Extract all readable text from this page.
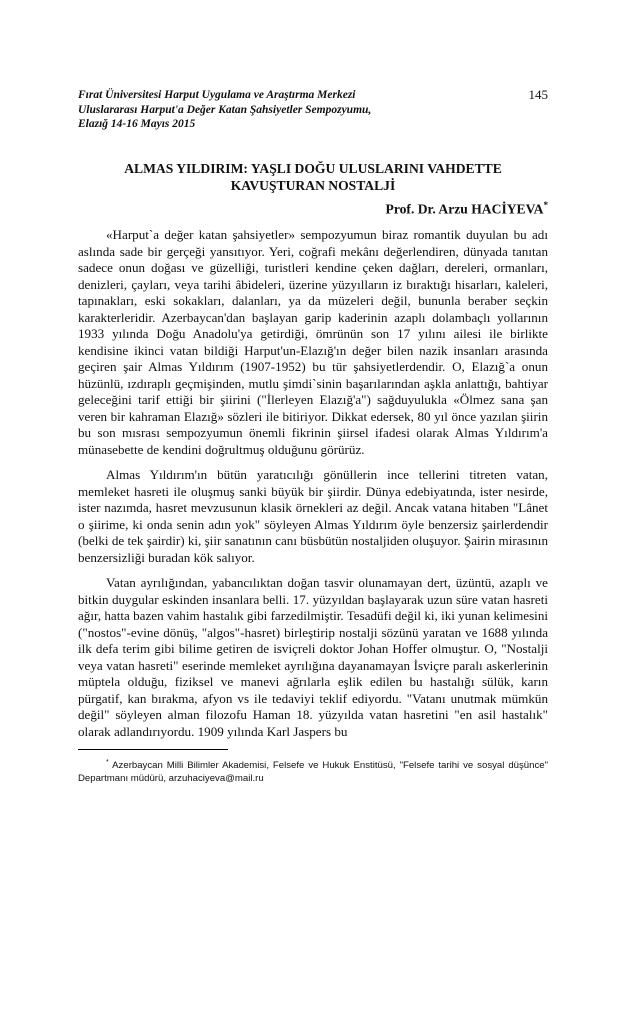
Fırat Üniversitesi Harput Uygulama ve Araştırma Merkezi
Uluslararası Harput'a Değer Katan Şahsiyetler Sempozyumu,
Elazığ 14-16 Mayıs 2015
145
ALMAS YILDIRIM: YAŞLI DOĞU ULUSLARINI VAHDETTE
KAVUŞTURAN NOSTALJİ
Prof. Dr. Arzu HACİYEVA*

«Harput`a değer katan şahsiyetler» sempozyumun biraz romantik duyulan bu adı aslında sade bir gerçeği yansıtıyor. Yeri, coğrafi mekânı değerlendiren, dünyada tanıtan sadece onun doğası ve güzelliği, turistleri kendine çeken dağları, dereleri, ormanları, denizleri, çayları, veya tarihi âbideleri, üzerine yüzyılların iz bıraktığı hisarları, kaleleri, tapınakları, eski sokakları, dalanları, ya da müzeleri değil, bununla beraber seçkin karakterleridir. Azerbaycan'dan başlayan garip kaderinin azaplı dolambaçlı yollarının 1933 yılında Doğu Anadolu'ya getirdiği, ömrünün son 17 yılını ailesi ile birlikte kendisine ikinci vatan bildiği Harput'un-Elazığ'ın değer bilen nazik insanları arasında geçiren şair Almas Yıldırım (1907-1952) bu tür şahsiyetlerdendir. O, Elazığ`a onun hüzünlü, ızdıraplı geçmişinden, mutlu şimdi`sinin başarılarından aşkla anlattığı, bahtiyar geleceğini tarif ettiği bir şiirini ("İlerleyen Elazığ'a") sağduyulukla «Ölmez sana şan veren bir kahraman Elazığ» sözleri ile bitiriyor. Dikkat edersek, 80 yıl önce yazılan şiirin bu son mısrası sempozyumun önemli fikrinin şiirsel ifadesi olarak Almas Yıldırım'a münasebette de kendini doğrultmuş olduğunu görürüz.

Almas Yıldırım'ın bütün yaratıcılığı gönüllerin ince tellerini titreten vatan, memleket hasreti ile oluşmuş sanki büyük bir şiirdir. Dünya edebiyatında, ister nesirde, ister nazımda, hasret mevzusunun klasik örnekleri az değil. Ancak vatana hitaben "Lânet o şiirime, ki onda senin adın yok" söyleyen Almas Yıldırım öyle benzersiz şairlerdendir (belki de tek şairdir) ki, şiir sanatının canı büsbütün nostaljiden oluşuyor. Şairin mirasının benzersizliği buradan kök salıyor.

Vatan ayrılığından, yabancılıktan doğan tasvir olunamayan dert, üzüntü, azaplı ve bitkin duygular eskinden insanlara belli. 17. yüzyıldan başlayarak uzun süre vatan hasreti ağır, hatta bazen vahim hastalık gibi farzedilmiştir. Tesadüfi değil ki, iki yunan kelimesini ("nostos"-evine dönüş, "algos"-hasret) birleştirip nostalji sözünü yaratan ve 1688 yılında ilk defa terim gibi bilime getiren de isviçreli doktor Johan Hoffer olmuştur. O, "Nostalji veya vatan hasreti" eserinde memleket ayrılığına dayanamayan İsviçre paralı askerlerinin müptela olduğu, fiziksel ve manevi ağrılarla eşlik edilen bu hastalığı sülük, karın pürgatif, kan bırakma, afyon vs ile tedaviyi teklif ediyordu. "Vatanı unutmak mümkün değil" söyleyen alman filozofu Haman 18. yüzyılda vatan hasretini "en asil hastalık" olarak adlandırıyordu. 1909 yılında Karl Jaspers bu

* Azerbaycan Milli Bilimler Akademisi, Felsefe ve Hukuk Enstitüsü, "Felsefe tarihi ve sosyal düşünce" Departmanı müdürü, arzuhaciyeva@mail.ru
